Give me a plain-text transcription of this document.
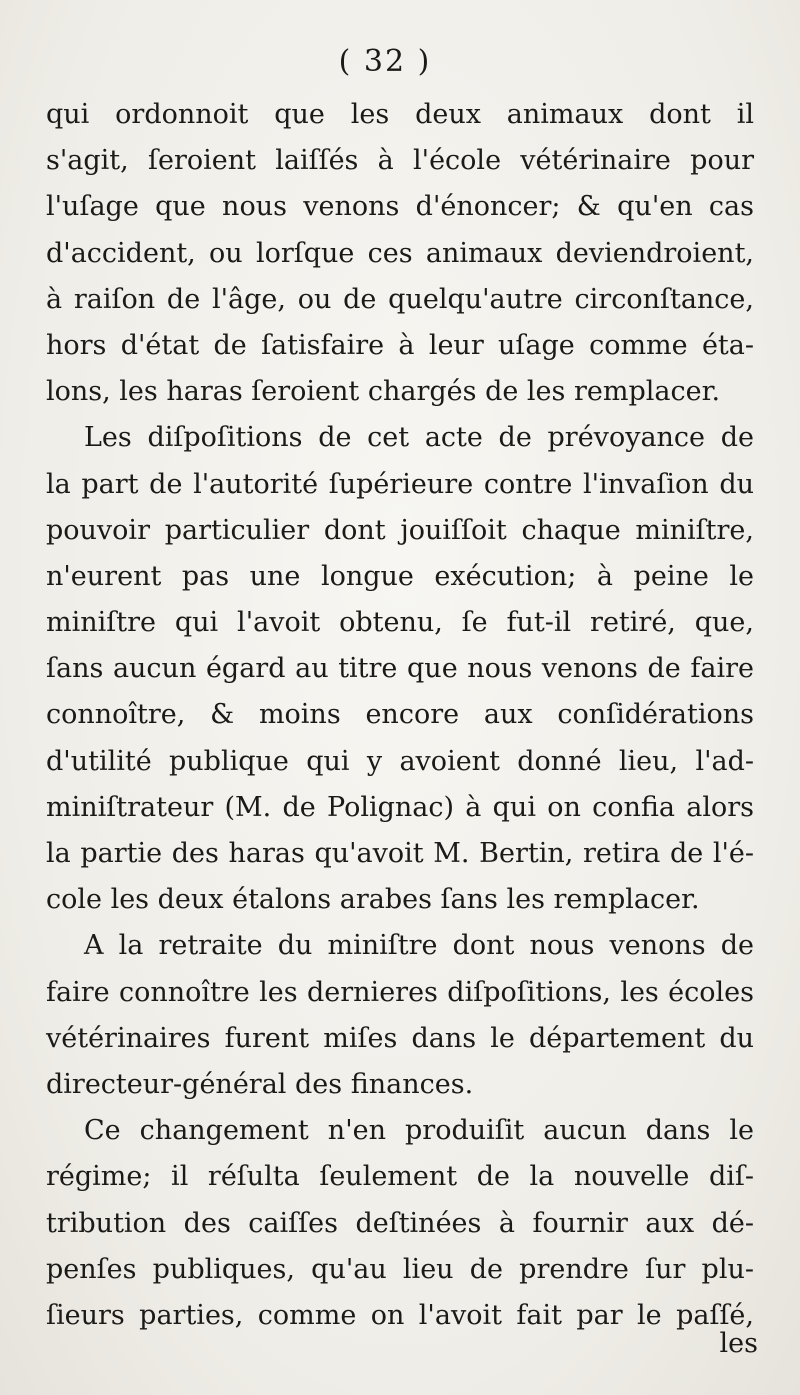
( 32 )
qui ordonnoit que les deux animaux dont il
s'agit, ſeroient laiſſés à l'école vétérinaire pour
l'uſage que nous venons d'énoncer; & qu'en cas
d'accident, ou lorſque ces animaux deviendroient,
à raiſon de l'âge, ou de quelqu'autre circonſtance,
hors d'état de ſatisfaire à leur uſage comme éta-
lons, les haras ſeroient chargés de les remplacer.
Les diſpoſitions de cet acte de prévoyance de
la part de l'autorité ſupérieure contre l'invaſion du
pouvoir particulier dont jouiſſoit chaque miniſtre,
n'eurent pas une longue exécution; à peine le
miniſtre qui l'avoit obtenu, ſe fut-il retiré, que,
ſans aucun égard au titre que nous venons de faire
connoître, & moins encore aux conſidérations
d'utilité publique qui y avoient donné lieu, l'ad-
miniſtrateur (M. de Polignac) à qui on confia alors
la partie des haras qu'avoit M. Bertin, retira de l'é-
cole les deux étalons arabes ſans les remplacer.
A la retraite du miniſtre dont nous venons de
faire connoître les dernieres diſpoſitions, les écoles
vétérinaires furent miſes dans le département du
directeur-général des finances.
Ce changement n'en produiſit aucun dans le
régime; il réſulta ſeulement de la nouvelle diſ-
tribution des caiſſes deſtinées à fournir aux dé-
penſes publiques, qu'au lieu de prendre ſur plu-
ſieurs parties, comme on l'avoit fait par le paſſé,
les
